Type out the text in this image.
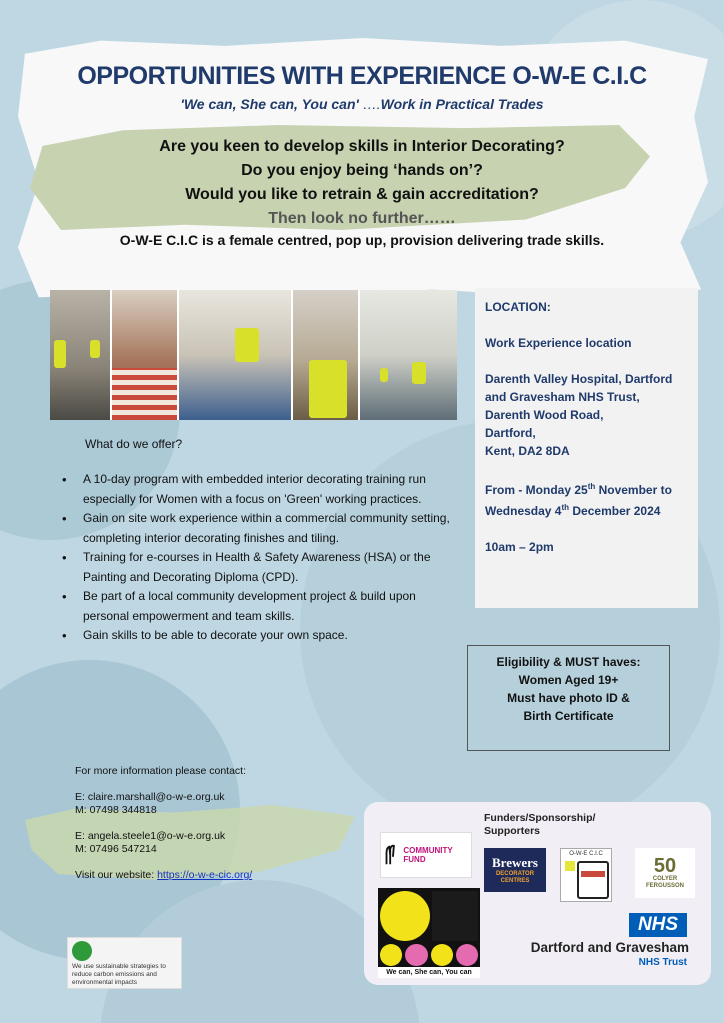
OPPORTUNITIES WITH EXPERIENCE O-W-E C.I.C
'We can, She can, You can' ….Work in Practical Trades
Are you keen to develop skills in Interior Decorating?
Do you enjoy being ‘hands on’?
Would you like to retrain & gain accreditation?
Then look no further……
O-W-E C.I.C is a female centred, pop up, provision delivering trade skills.
LOCATION:
Work Experience location
Darenth Valley Hospital, Dartford
and Gravesham NHS Trust,
Darenth Wood Road,
Dartford,
Kent, DA2 8DA
From - Monday 25th November to
Wednesday 4th December 2024
10am – 2pm
What do we offer?
• A 10-day program with embedded interior decorating training run especially for Women with a focus on 'Green' working practices.
• Gain on site work experience within a commercial community setting, completing interior decorating finishes and tiling.
• Training for e-courses in Health & Safety Awareness (HSA) or the Painting and Decorating Diploma (CPD).
• Be part of a local community development project & build upon personal empowerment and team skills.
• Gain skills to be able to decorate your own space.
Eligibility & MUST haves:
Women Aged 19+
Must have photo ID &
Birth Certificate
For more information please contact:
E: claire.marshall@o-w-e.org.uk
M: 07498 344818
E: angela.steele1@o-w-e.org.uk
M: 07496 547214
Visit our website: https://o-w-e-cic.org/
Funders/Sponsorship/ Supporters
COMMUNITY FUND	Brewers
DECORATOR CENTRES
O-W-E C.I.C
50
COLYER FERGUSSON
We can, She can, You can
NHS
Dartford and Gravesham
NHS Trust
We use sustainable strategies to reduce carbon emissions and environmental impacts
